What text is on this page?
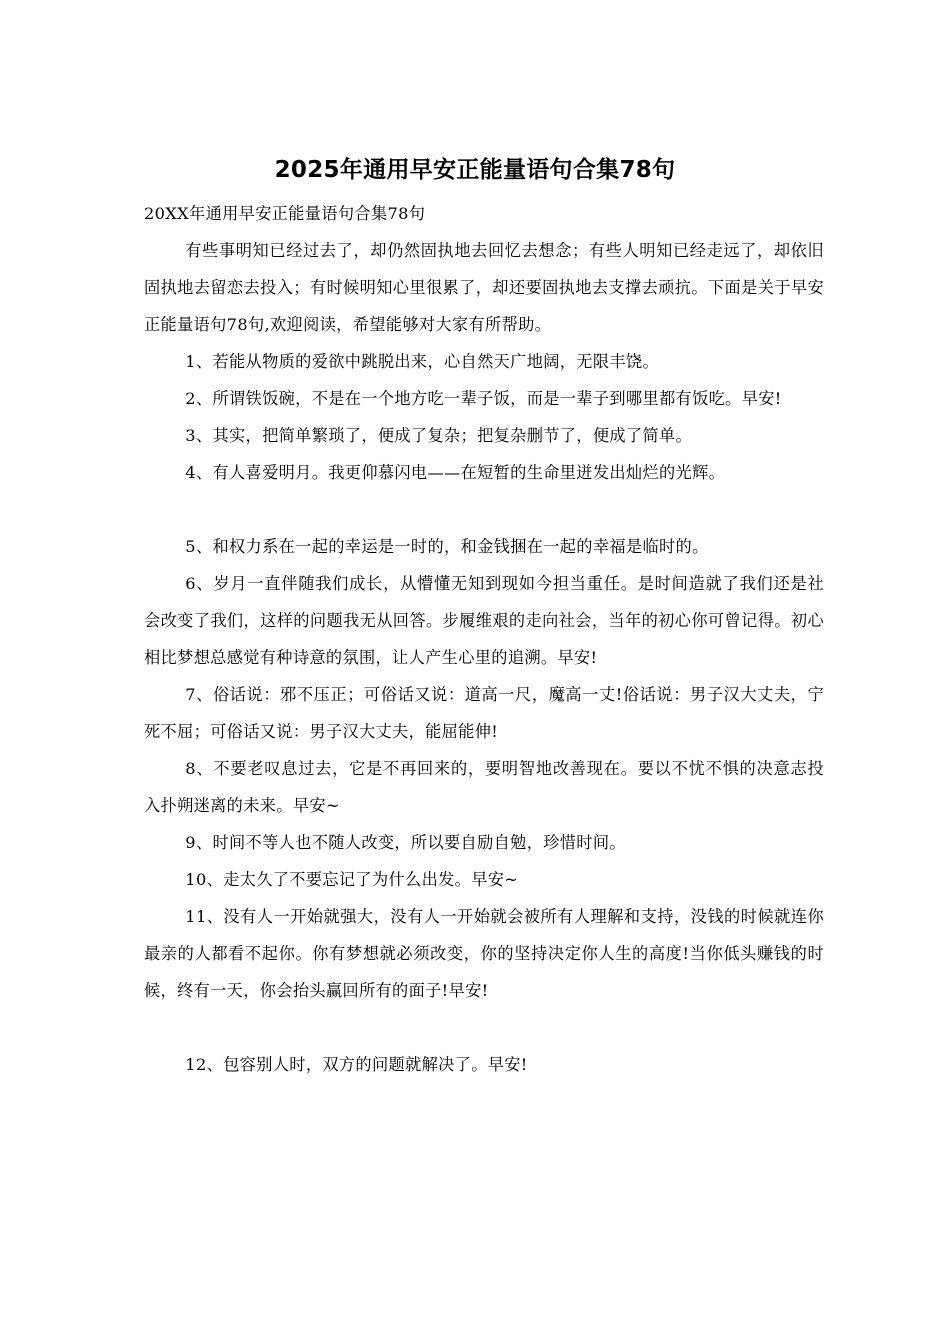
2025年通用早安正能量语句合集78句

20XX年通用早安正能量语句合集78句

有些事明知已经过去了，却仍然固执地去回忆去想念；有些人明知已经走远了，却依旧固执地去留恋去投入；有时候明知心里很累了，却还要固执地去支撑去顽抗。下面是关于早安正能量语句78句,欢迎阅读，希望能够对大家有所帮助。

1、若能从物质的爱欲中跳脱出来，心自然天广地阔，无限丰饶。

2、所谓铁饭碗，不是在一个地方吃一辈子饭，而是一辈子到哪里都有饭吃。早安!

3、其实，把简单繁琐了，便成了复杂；把复杂删节了，便成了简单。

4、有人喜爱明月。我更仰慕闪电——在短暂的生命里迸发出灿烂的光辉。

5、和权力系在一起的幸运是一时的，和金钱捆在一起的幸福是临时的。

6、岁月一直伴随我们成长，从懵懂无知到现如今担当重任。是时间造就了我们还是社会改变了我们，这样的问题我无从回答。步履维艰的走向社会，当年的初心你可曾记得。初心相比梦想总感觉有种诗意的氛围，让人产生心里的追溯。早安!

7、俗话说：邪不压正；可俗话又说：道高一尺，魔高一丈!俗话说：男子汉大丈夫，宁死不屈；可俗话又说：男子汉大丈夫，能屈能伸!

8、不要老叹息过去，它是不再回来的，要明智地改善现在。要以不忧不惧的决意志投入扑朔迷离的未来。早安~

9、时间不等人也不随人改变，所以要自励自勉，珍惜时间。

10、走太久了不要忘记了为什么出发。早安~

11、没有人一开始就强大，没有人一开始就会被所有人理解和支持，没钱的时候就连你最亲的人都看不起你。你有梦想就必须改变，你的坚持决定你人生的高度!当你低头赚钱的时候，终有一天，你会抬头赢回所有的面子!早安!

12、包容别人时，双方的问题就解决了。早安!
